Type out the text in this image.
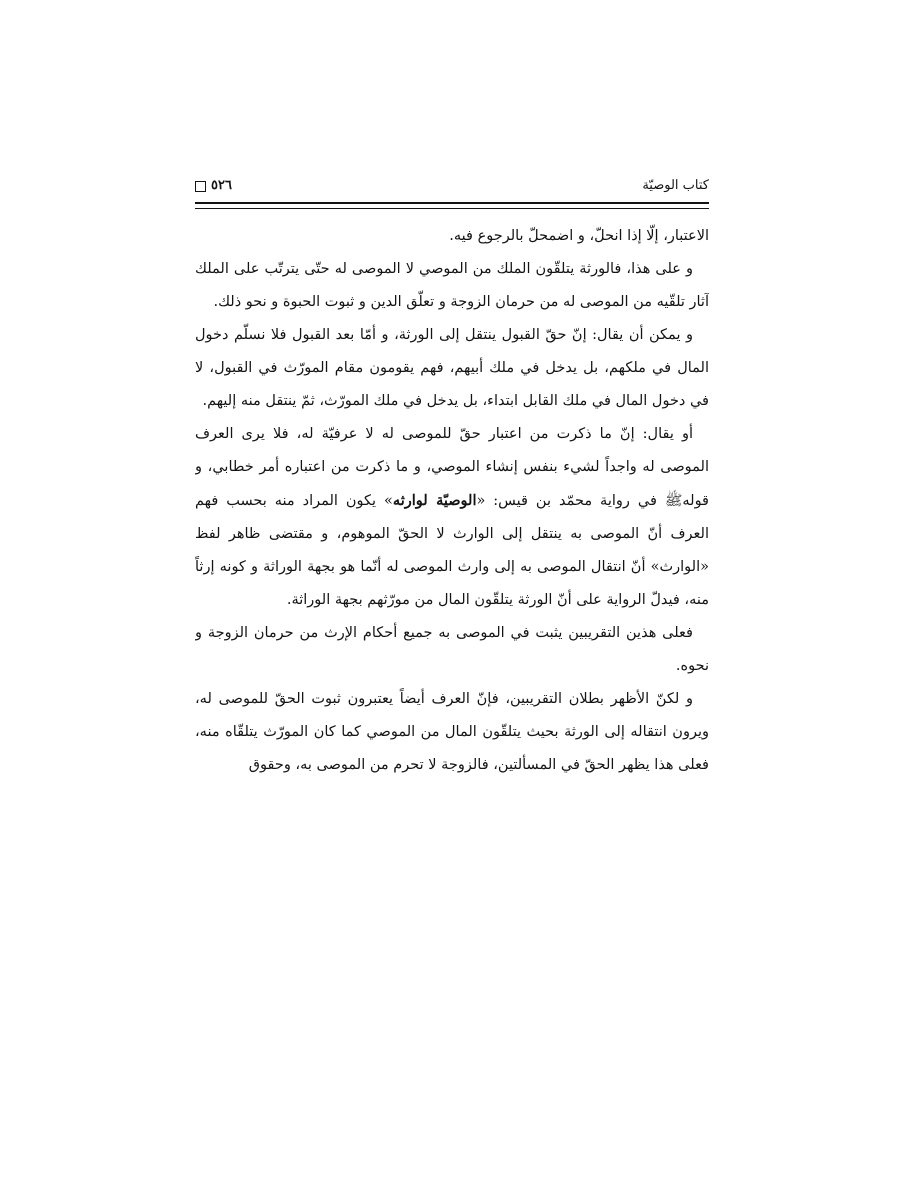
كتاب الوصيّة
٥٢٦

الاعتبار، إلّا إذا انحلّ، و اضمحلّ بالرجوع فيه.

و على هذا، فالورثة يتلقّون الملك من الموصي لا الموصى له حتّى يترتّب على الملك آثار تلقّيه من الموصى له من حرمان الزوجة و تعلّق الدين و ثبوت الحبوة و نحو ذلك.

و يمكن أن يقال: إنّ حقّ القبول ينتقل إلى الورثة، و أمّا بعد القبول فلا نسلّم دخول المال في ملكهم، بل يدخل في ملك أبيهم، فهم يقومون مقام المورّث في القبول، لا في دخول المال في ملك القابل ابتداء، بل يدخل في ملك المورّث، ثمّ ينتقل منه إليهم.

أو يقال: إنّ ما ذكرت من اعتبار حقّ للموصى له لا عرفيّة له، فلا يرى العرف الموصى له واجداً لشيء بنفس إنشاء الموصي، و ما ذكرت من اعتباره أمر خطابي، و قولهﷺ في رواية محمّد بن قيس: «الوصيّة لوارثه» يكون المراد منه بحسب فهم العرف أنّ الموصى به ينتقل إلى الوارث لا الحقّ الموهوم، و مقتضى ظاهر لفظ «الوارث» أنّ انتقال الموصى به إلى وارث الموصى له أنّما هو بجهة الوراثة و كونه إرثاً منه، فيدلّ الرواية على أنّ الورثة يتلقّون المال من مورّثهم بجهة الوراثة.

فعلى هذين التقريبين يثبت في الموصى به جميع أحكام الإرث من حرمان الزوجة و نحوه.

و لكنّ الأظهر بطلان التقريبين، فإنّ العرف أيضاً يعتبرون ثبوت الحقّ للموصى له، ويرون انتقاله إلى الورثة بحيث يتلقّون المال من الموصي كما كان المورّث يتلقّاه منه، فعلى هذا يظهر الحقّ في المسألتين، فالزوجة لا تحرم من الموصى به، وحقوق
